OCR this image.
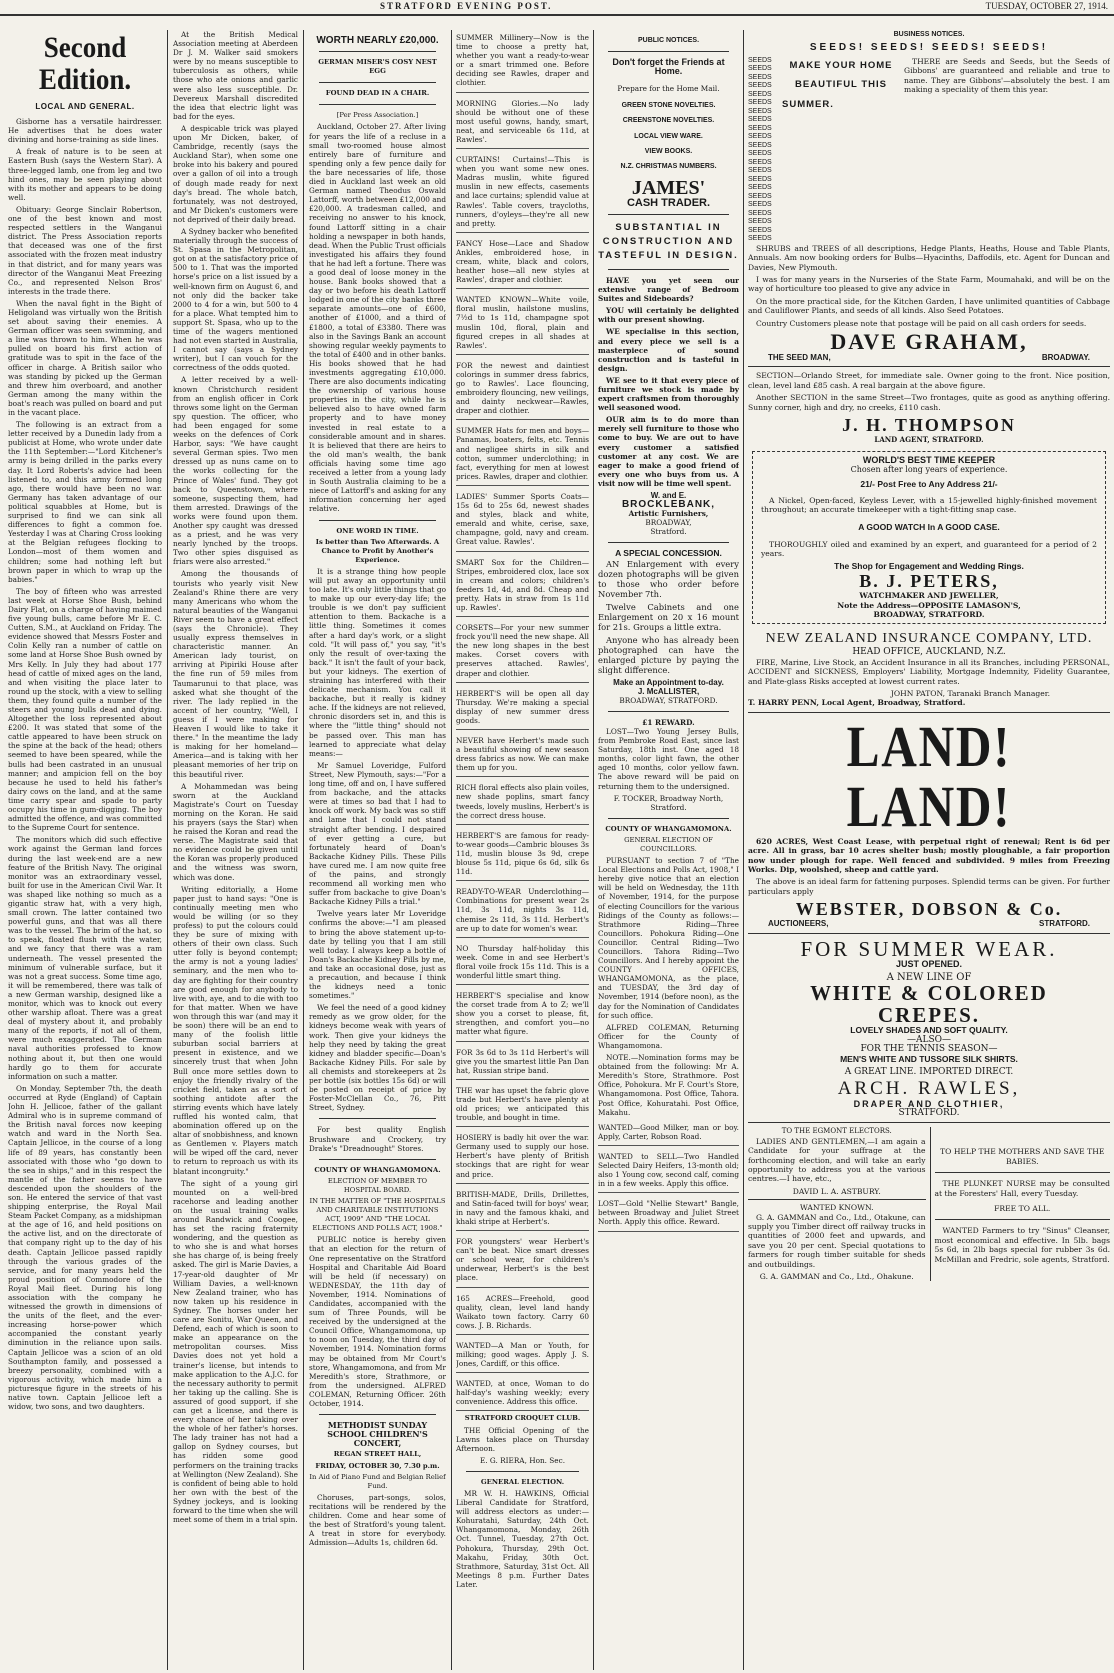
STRATFORD EVENING POST.	TUESDAY, OCTOBER 27, 1914.
Second Edition.
LOCAL AND GENERAL.

Gisborne has a versatile hairdresser. He advertises that he does water divining and horse-training as side lines.

A freak of nature is to be seen at Eastern Bush (says the Western Star). A three-legged lamb, one from leg and two hind ones, may be seen playing about with its mother and appears to be doing well.

Obituary: George Sinclair Robertson, one of the best known and most respected settlers in the Wanganui district. The Press Association reports that deceased was one of the first associated with the frozen meat industry in that district, and for many years was director of the Wanganui Meat Freezing Co., and represented Nelson Bros' interests in the trade there.

When the naval fight in the Bight of Heligoland was virtually won the British set about saving their enemies. A German officer was seen swimming, and a line was thrown to him. When he was pulled on board his first action of gratitude was to spit in the face of the officer in charge. A British sailor who was standing by picked up the German and threw him overboard, and another German among the many within the boat's reach was pulled on board and put in the vacant place.

The following is an extract from a letter received by a Dunedin lady from a publicist at Home, who wrote under date the 11th September:—"Lord Kitchener's army is being drilled in the parks every day. It Lord Roberts's advice had been listened to, and this army formed long ago, there would have been no war. Germany has taken advantage of our political squabbles at Home, but is surprised to find we can sink all differences to fight a common foe. Yesterday I was at Charing Cross looking at the Belgian refugees flocking to London—most of them women and children; some had nothing left but brown paper in which to wrap up the babies."

The boy of fifteen who was arrested last week at Horse Shoe Bush, behind Dairy Flat, on a charge of having maimed five young bulls, came before Mr E. C. Cutten, S.M., at Auckland on Friday. The evidence showed that Messrs Foster and Colin Kelly ran a number of cattle on some land at Horse Shoe Bush owned by Mrs Kelly. In July they had about 177 head of cattle of mixed ages on the land, and when visiting the place later to round up the stock, with a view to selling them, they found quite a number of the steers and young bulls dead and dying. Altogether the loss represented about £200. It was stated that some of the cattle appeared to have been struck on the spine at the back of the head; others seemed to have been speared, while the bulls had been castrated in an unusual manner; and ampicion fell on the boy because he used to held his father's dairy cows on the land, and at the same time carry spear and spade to party occupy his time in gum-digging. The boy admitted the offence, and was committed to the Supreme Court for sentence.

The monitors which did such effective work against the German land forces during the last week-end are a new feature of the British Navy. The original monitor was an extraordinary vessel, built for use in the American Civil War. It was shaped like nothing so much as a gigantic straw hat, with a very high, small crown. The latter contained two powerful guns, and that was all there was to the vessel. The brim of the hat, so to speak, floated flush with the water, and we fancy that there was a ram underneath. The vessel presented the minimum of vulnerable surface, but it was not a great success. Some time ago, it will be remembered, there was talk of a new German warship, designed like a monitor, which was to knock out every other warship afloat. There was a great deal of mystery about it, and probably many of the reports, if not all of them, were much exaggerated. The German naval authorities professed to know nothing about it, but then one would hardly go to them for accurate information on such a matter.

On Monday, September 7th, the death occurred at Ryde (England) of Captain John H. Jellicoe, father of the gallant Admiral who is in supreme command of the British naval forces now keeping watch and ward in the North Sea. Captain Jellicoe, in the course of a long life of 89 years, has constantly been associated with those who "go down to the sea in ships," and in this respect the mantle of the father seems to have descended upon the shoulders of the son. He entered the service of that vast shipping enterprise, the Royal Mail Steam Packet Company, as a midshipman at the age of 16, and held positions on the active list, and on the directorate of that company right up to the day of his death. Captain Jellicoe passed rapidly through the various grades of the service, and for many years held the proud position of Commodore of the Royal Mail fleet. During his long association with the company he witnessed the growth in dimensions of the units of the fleet, and the ever-increasing horse-power which accompanied the constant yearly diminution in the reliance upon sails. Captain Jellicoe was a scion of an old Southampton family, and possessed a breezy personality, combined with a vigorous activity, which made him a picturesque figure in the streets of his native town. Captain Jellicoe left a widow, two sons, and two daughters.

At the British Medical Association meeting at Aberdeen Dr J. M. Walker said smokers were by no means susceptible to tuberculosis as others, while those who ate onions and garlic were also less susceptible. Dr. Devereux Marshall discredited the idea that electric light was bad for the eyes.

A despicable trick was played upon Mr Dicken, baker, of Cambridge, recently (says the Auckland Star), when some one broke into his bakery and poured over a gallon of oil into a trough of dough made ready for next day's bread. The whole batch, fortunately, was not destroyed, and Mr Dicken's customers were not deprived of their daily bread.

A Sydney backer who benefited materially through the success of St. Spasa in the Metropolitan, got on at the satisfactory price of 500 to 1. That was the imported horse's price on a list issued by a well-known firm on August 6, and not only did the backer take 2000 to 4 for a win, but 500 to 4 for a place. What tempted him to support St. Spasa, who up to the time of the wagers mentioned had not even started in Australia, I cannot say (says a Sydney writer), but I can vouch for the correctness of the odds quoted.

A letter received by a well-known Christchurch resident from an english officer in Cork throws some light on the German spy question. The officer, who had been engaged for some weeks on the defences of Cork Harbor, says: "We have caught several German spies. Two men dressed up as nuns came on to the works collecting for the Prince of Wales' fund. They got back to Queenstown, where someone, suspecting them, had them arrested. Drawings of the works were found upon them. Another spy caught was dressed as a priest, and he was very nearly lynched by the troops. Two other spies disguised as friars were also arrested."

Among the thousands of tourists who yearly visit New Zealand's Rhine there are very many Americans who whom the natural beauties of the Wanganui River seem to have a great effect (says the Chronicle). They usually express themselves in characteristic manner. An American lady tourist, on arriving at Pipiriki House after the fine run of 59 miles from Taumarunui to that place, was asked what she thought of the river. The lady replied in the accent of her country, "Well, I guess if I were making for Heaven I would like to take it there." In the meantime the lady is making for her homeland—America—and is taking with her pleasant memories of her trip on this beautiful river.

A Mohammedan was being sworn at the Auckland Magistrate's Court on Tuesday morning on the Koran. He said his prayers (says the Star) when he raised the Koran and read the verse. The Magistrate said that no evidence could be given until the Koran was properly produced and the witness was sworn, which was done.

Writing editorially, a Home paper just to hand says: "One is continually meeting men who would be willing (or so they profess) to put the colours could they be sure of mixing with others of their own class. Such utter folly is beyond contempt; the army is not a young ladies' seminary, and the men who to-day are fighting for their country are good enough for anybody to live with, aye, and to die with too for that matter. When we have won through this war (and may it be soon) there will be an end to many of the foolish little suburban social barriers at present in existence, and we sincerely trust that when John Bull once more settles down to enjoy the friendly rivalry of the cricket field, taken as a sort of soothing antidote after the stirring events which have lately ruffled his wonted calm, that abomination offered up on the altar of snobbishness, and known as Gentlemen v. Players match will be wiped off the card, never to return to reproach us with its blatant incongruity."

The sight of a young girl mounted on a well-bred racehorse and leading another on the usual training walks around Randwick and Coogee, has set the racing fraternity wondering, and the question as to who she is and what horses she has charge of, is being freely asked. The girl is Marie Davies, a 17-year-old daughter of Mr William Davies, a well-known New Zealand trainer, who has now taken up his residence in Sydney. The horses under her care are Sonitu, War Queen, and Defend, each of which is soon to make an appearance on the metropolitan courses. Miss Davies does not yet hold a trainer's license, but intends to make application to the A.J.C. for the necessary authority to permit her taking up the calling. She is assured of good support, if she can get a license, and there is every chance of her taking over the whole of her father's horses. The lady trainer has not had a gallop on Sydney courses, but has ridden some good performers on the training tracks at Wellington (New Zealand). She is confident of being able to hold her own with the best of the Sydney jockeys, and is looking forward to the time when she will meet some of them in a trial spin.

WORTH NEARLY £20,000.
GERMAN MISER'S COSY NEST EGG
FOUND DEAD IN A CHAIR.
[Per Press Association.]

Auckland, October 27. After living for years the life of a recluse in a small two-roomed house almost entirely bare of furniture and spending only a few pence daily for the bare necessaries of life, those died in Auckland last week an old German named Theodus Oswald Lattorff, worth between £12,000 and £20,000. A tradesman called, and receiving no answer to his knock, found Lattorff sitting in a chair holding a newspaper in both hands, dead. When the Public Trust officials investigated his affairs they found that he had left a fortune. There was a good deal of loose money in the house. Bank books showed that a day or two before his death Lattorff lodged in one of the city banks three separate amounts—one of £600, another of £1000, and a third of £1800, a total of £3380. There was also in the Savings Bank an account showing regular weekly payments to the total of £400 and in other banks. His books showed that he had investments aggregating £10,000. There are also documents indicating the ownership of various house properties in the city, while he is believed also to have owned farm property and to have money invested in real estate to a considerable amount and in shares. It is believed that there are heirs to the old man's wealth, the bank officials having some time ago received a letter from a young lady in South Australia claiming to be a niece of Lattorff's and asking for any information concerning her aged relative.

ONE WORD IN TIME.
Is better than Two Afterwards. A Chance to Profit by Another's Experience.

It is a strange thing how people will put away an opportunity until too late. It's only little things that go to make up our every-day life; the trouble is we don't pay sufficient attention to them. Backache is a little thing. Sometimes it comes after a hard day's work, or a slight cold. "It will pass of," you say, "it's only the result of over-taxing the back." It isn't the fault of your back, but your kidneys. The exertion of straining has interfered with their delicate mechanism. You call it backache, but it really is kidney ache. If the kidneys are not relieved, chronic disorders set in, and this is where the "little thing" should not be passed over. This man has learned to appreciate what delay means:—

Mr Samuel Loveridge, Fulford Street, New Plymouth, says:—"For a long time, off and on, I have suffered from backache, and the attacks were at times so bad that I had to knock off work. My back was so stiff and lame that I could not stand straight after bending. I despaired of ever getting a cure, but fortunately heard of Doan's Backache Kidney Pills. These Pills have cured me. I am now quite free of the pains, and strongly recommend all working men who suffer from backache to give Doan's Backache Kidney Pills a trial."

Twelve years later Mr Loveridge confirms the above:—"I am pleased to bring the above statement up-to-date by telling you that I am still well today. I always keep a bottle of Doan's Backache Kidney Pills by me, and take an occasional dose, just as a precaution, and because I think the kidneys need a tonic sometimes."

We feel the need of a good kidney remedy as we grow older, for the kidneys become weak with years of work. Then give your kidneys the help they need by taking the great kidney and bladder specific—Doan's Backache Kidney Pills. For sale by all chemists and storekeepers at 2s per bottle (six bottles 15s 6d) or will be posted on receipt of price by Foster-McClellan Co., 76, Pitt Street, Sydney.

For best quality English Brushware and Crockery, try Drake's "Dreadnought" Stores.

COUNTY OF WHANGAMOMONA.
ELECTION OF MEMBER TO HOSPITAL BOARD.
IN THE MATTER OF "THE HOSPITALS AND CHARITABLE INSTITUTIONS ACT, 1909" AND "THE LOCAL ELECTIONS AND POLLS ACT, 1908."

PUBLIC notice is hereby given that an election for the return of One representative on the Stratford Hospital and Charitable Aid Board will be held (if necessary) on WEDNESDAY, the 11th day of November, 1914. Nominations of Candidates, accompanied with the sum of Three Pounds, will be received by the undersigned at the Council Office, Whangamomona, up to noon on Tuesday, the third day of November, 1914. Nomination forms may be obtained from Mr Court's store, Whangamomona, and from Mr Meredith's store, Strathmore, or from the undersigned. ALFRED COLEMAN, Returning Officer. 26th October, 1914.

METHODIST SUNDAY SCHOOL CHILDREN'S CONCERT,
REGAN STREET HALL,
FRIDAY, OCTOBER 30, 7.30 p.m.
In Aid of Piano Fund and Belgian Relief Fund.

Choruses, part-songs, solos, recitations will be rendered by the children. Come and hear some of the best of Stratford's young talent. A treat in store for everybody. Admission—Adults 1s, children 6d.

SUMMER Millinery—Now is the time to choose a pretty hat, whether you want a ready-to-wear or a smart trimmed one. Before deciding see Rawles, draper and clothier.
MORNING Glories.—No lady should be without one of these most useful gowns, handy, smart, neat, and serviceable 6s 11d, at Rawles'.
CURTAINS! Curtains!—This is when you want some new ones. Madras muslin, white figured muslin in new effects, casements and lace curtains; splendid value at Rawles'. Table covers, traycloths, runners, d'oyleys—they're all new and pretty.
FANCY Hose—Lace and Shadow Ankles, embroidered hose, in cream, white, black and colors, heather hose—all new styles at Rawles', draper and clothier.
WANTED KNOWN—White voile, floral muslin, hailstone muslins, 7½d to 1s 11d, champagne spot muslin 10d, floral, plain and figured crepes in all shades at Rawles'.
FOR the newest and daintiest colorings in summer dress fabrics, go to Rawles'. Lace flouncing, embroidery flouncing, new veilings, and dainty neckwear—Rawles, draper and clothier.
SUMMER Hats for men and boys—Panamas, boaters, felts, etc. Tennis and negligee shirts in silk and cotton, summer underclothing; in fact, everything for men at lowest prices. Rawles, draper and clothier.
LADIES' Summer Sports Coats—15s 6d to 25s 6d, newest shades and styles, black and white, emerald and white, cerise, saxe, champagne, gold, navy and cream. Great value. Rawles'.
SMART Sox for the Children—Stripes, embroidered clox, lace sox in cream and colors; children's feeders 1d, 4d, and 8d. Cheap and pretty. Hats in straw from 1s 11d up. Rawles'.
CORSETS—For your new summer frock you'll need the new shape. All the new long shapes in the best makes. Corset covers with preserves attached. Rawles', draper and clothier.
HERBERT'S will be open all day Thursday. We're making a special display of new summer dress goods.
NEVER have Herbert's made such a beautiful showing of new season dress fabrics as now. We can make them up for you.
RICH floral effects also plain voiles, new shade poplins, smart fancy tweeds, lovely muslins, Herbert's is the correct dress house.
HERBERT'S are famous for ready-to-wear goods—Cambric blouses 3s 11d, muslin blouse 3s 9d, crepe blouse 5s 11d, pique 6s 6d, silk 6s 11d.
READY-TO-WEAR Underclothing—Combinations for present wear 2s 11d, 3s 11d, nights 3s 11d, chemise 2s 11d, 3s 11d. Herbert's are up to date for women's wear.
NO Thursday half-holiday this week. Come in and see Herbert's floral voile frock 15s 11d. This is a wonderful little smart thing.
HERBERT'S specialise and know the corset trade from A to Z; we'll show you a corset to please, fit, strengthen, and comfort you—no matter what figure.
FOR 3s 6d to 3s 11d Herbert's will give you the smartest little Pan Dan hat, Russian stripe band.
THE war has upset the fabric glove trade but Herbert's have plenty at old prices; we anticipated this trouble, and bought in time.
HOSIERY is badly hit over the war. Germany used to supply our hose. Herbert's have plenty of British stockings that are right for wear and price.
BRITISH-MADE, Drills, Drillettes, and Satin-faced twill for boys' wear, in navy and the famous khaki, and khaki stripe at Herbert's.
FOR youngsters' wear Herbert's can't be beat. Nice smart dresses or school wear, for children's underwear, Herbert's is the best place.
165 ACRES—Freehold, good quality, clean, level land handy Waikato town factory. Carry 60 cows. J. B. Richards.
WANTED—A Man or Youth, for milking; good wages. Apply J. S. Jones, Cardiff, or this office.
WANTED, at once, Woman to do half-day's washing weekly; every convenience. Address this office.
STRATFORD CROQUET CLUB.

THE Official Opening of the Lawns takes place on Thursday Afternoon.

E. G. RIERA, Hon. Sec.
GENERAL ELECTION.

MR W. H. HAWKINS, Official Liberal Candidate for Stratford, will address electors as under:—Kohuratahi, Saturday, 24th Oct. Whangamomona, Monday, 26th Oct. Tunnel, Tuesday, 27th Oct. Pohokura, Thursday, 29th Oct. Makahu, Friday, 30th Oct. Strathmore, Saturday, 31st Oct. All Meetings 8 p.m. Further Dates Later.

PUBLIC NOTICES.
Don't forget the Friends at
Home.
Prepare for the Home Mail.
GREEN STONE NOVELTIES.
CREENSTONE NOVELTIES.
LOCAL VIEW WARE.
VIEW BOOKS.
N.Z. CHRISTMAS NUMBERS.
JAMES'
CASH TRADER.
SUBSTANTIAL IN CONSTRUCTION AND TASTEFUL IN DESIGN.

HAVE you yet seen our extensive range of Bedroom Suites and Sideboards?

YOU will certainly be delighted with our present showing.

WE specialise in this section, and every piece we sell is a masterpiece of sound construction and is tasteful in design.

WE see to it that every piece of furniture we stock is made by expert craftsmen from thoroughly well seasoned wood.

OUR aim is to do more than merely sell furniture to those who come to buy. We are out to have every customer a satisfied customer at any cost. We are eager to make a good friend of every one who buys from us. A visit now will be time well spent.

W. and E.
BROCKLEBANK,
Artistic Furnishers,
BROADWAY,
Stratford.
A SPECIAL CONCESSION.

AN Enlargement with every dozen photographs will be given to those who order before November 7th.

Twelve Cabinets and one Enlargement on 20 x 16 mount for 21s. Groups a little extra.

Anyone who has already been photographed can have the enlarged picture by paying the slight difference.

Make an Appointment to-day.
J. McALLISTER,
BROADWAY, STRATFORD.
£1 REWARD.

LOST—Two Young Jersey Bulls, from Pembroke Road East, since last Saturday, 18th inst. One aged 18 months, color light fawn, the other aged 10 months, color yellow fawn. The above reward will be paid on returning them to the undersigned.

F. TOCKER, Broadway North, Stratford.
COUNTY OF WHANGAMOMONA.
GENERAL ELECTION OF COUNCILLORS.

PURSUANT to section 7 of "The Local Elections and Polls Act, 1908," I hereby give notice that an election will be held on Wednesday, the 11th of November, 1914, for the purpose of electing Councillors for the various Ridings of the County as follows:— Strathmore Riding—Three Councillors. Pohokura Riding—One Councillor. Central Riding—Two Councillors. Tahora Riding—Two Councillors. And I hereby appoint the COUNTY OFFICES, WHANGAMOMONA, as the place, and TUESDAY, the 3rd day of November, 1914 (before noon), as the day for the Nomination of Candidates for such office.

ALFRED COLEMAN, Returning Officer for the County of Whangamomona.

NOTE.—Nomination forms may be obtained from the following: Mr A. Meredith's Store, Strathmore. Post Office, Pohokura. Mr F. Court's Store, Whangamomona. Post Office, Tahora. Post Office, Kohuratahi. Post Office, Makahu.

WANTED—Good Milker, man or boy. Apply, Carter, Robson Road.
WANTED to SELL—Two Handled Selected Dairy Heifers, 13-month old; also 1 Young cow, second calf, coming in in a few weeks. Apply this office.
LOST—Gold "Nellie Stewart" Bangle, between Broadway and Juliet Street North. Apply this office. Reward.
BUSINESS NOTICES.
SEEDS! SEEDS! SEEDS! SEEDS!
SEEDS
SEEDS
SEEDS
SEEDS
SEEDS
SEEDS
SEEDS
SEEDS
SEEDS
SEEDS
SEEDS
SEEDS
SEEDS
SEEDS
SEEDS
SEEDS
SEEDS
SEEDS
SEEDS
SEEDS
SEEDS
SEEDS
MAKE YOUR HOME
BEAUTIFUL THIS
SUMMER.

THERE are Seeds and Seeds, but the Seeds of Gibbons' are guaranteed and reliable and true to name. They are Gibbons'—absolutely the best. I am making a speciality of them this year.

SHRUBS and TREES of all descriptions, Hedge Plants, Heaths, House and Table Plants, Annuals. Am now booking orders for Bulbs—Hyacinths, Daffodils, etc. Agent for Duncan and Davies, New Plymouth.

I was for many years in the Nurseries of the State Farm, Moumahaki, and will be on the way of horticulture too pleased to give any advice in

On the more practical side, for the Kitchen Garden, I have unlimited quantities of Cabbage and Cauliflower Plants, and seeds of all kinds. Also Seed Potatoes.

Country Customers please note that postage will be paid on all cash orders for seeds.

DAVE GRAHAM,
THE SEED MAN,	BROADWAY.

SECTION—Orlando Street, for immediate sale. Owner going to the front. Nice position, clean, level land £85 cash. A real bargain at the above figure.

Another SECTION in the same Street—Two frontages, quite as good as anything offering. Sunny corner, high and dry, no creeks, £110 cash.

J. H. THOMPSON
LAND AGENT, STRATFORD.
WORLD'S BEST TIME KEEPER
Chosen after long years of experience.
21/- Post Free to Any Address 21/-

A Nickel, Open-faced, Keyless Lever, with a 15-jewelled highly-finished movement throughout; an accurate timekeeper with a tight-fitting snap case.

A GOOD WATCH In A GOOD CASE.

THOROUGHLY oiled and examined by an expert, and guaranteed for a period of 2 years.

The Shop for Engagement and Wedding Rings.
B. J. PETERS,
WATCHMAKER AND JEWELLER,
Note the Address—OPPOSITE LAMASON'S,
BROADWAY, STRATFORD.
NEW ZEALAND INSURANCE COMPANY, LTD.
HEAD OFFICE, AUCKLAND, N.Z.

FIRE, Marine, Live Stock, an Accident Insurance in all its Branches, including PERSONAL, ACCIDENT and SICKNESS, Employers' Liability, Mortgage Indemnity, Fidelity Guarantee, and Plate-glass Risks accepted at lowest current rates.

JOHN PATON, Taranaki Branch Manager.
T. HARRY PENN, Local Agent, Broadway, Stratford.
LAND! LAND!

620 ACRES, West Coast Lease, with perpetual right of renewal; Rent is 6d per acre. All in grass, bar 10 acres shelter bush; mostly ploughable, a fair proportion now under plough for rape. Well fenced and subdivided. 9 miles from Freezing Works. Dip, woolshed, sheep and cattle yard.

The above is an ideal farm for fattening purposes. Splendid terms can be given. For further particulars apply

WEBSTER, DOBSON & Co.
AUCTIONEERS,	STRATFORD.
FOR SUMMER WEAR.
JUST OPENED.
A NEW LINE OF
WHITE & COLORED
CREPES.
LOVELY SHADES AND SOFT QUALITY.
—ALSO—
FOR THE TENNIS SEASON—
MEN'S WHITE AND TUSSORE SILK SHIRTS.
A GREAT LINE. IMPORTED DIRECT.
ARCH. RAWLES,
DRAPER AND CLOTHIER,
STRATFORD.
TO THE EGMONT ELECTORS.

LADIES AND GENTLEMEN,—I am again a Candidate for your suffrage at the forthcoming election, and will take an early opportunity to address you at the various centres.—I have, etc.,

DAVID L. A. ASTBURY.
WANTED KNOWN.

G. A. GAMMAN and Co., Ltd., Otakune, can supply you Timber direct off railway trucks in quantities of 2000 feet and upwards, and save you 20 per cent. Special quotations to farmers for rough timber suitable for sheds and outbuildings.

G. A. GAMMAN and Co., Ltd., Ohakune.
TO HELP THE MOTHERS AND SAVE THE BABIES.

THE PLUNKET NURSE may be consulted at the Foresters' Hall, every Tuesday.

FREE TO ALL.

WANTED Farmers to try "Sinus" Cleanser, most economical and effective. In 5lb. bags 5s 6d, in 2lb bags special for rubber 3s 6d. McMillan and Fredric, sole agents, Stratford.
